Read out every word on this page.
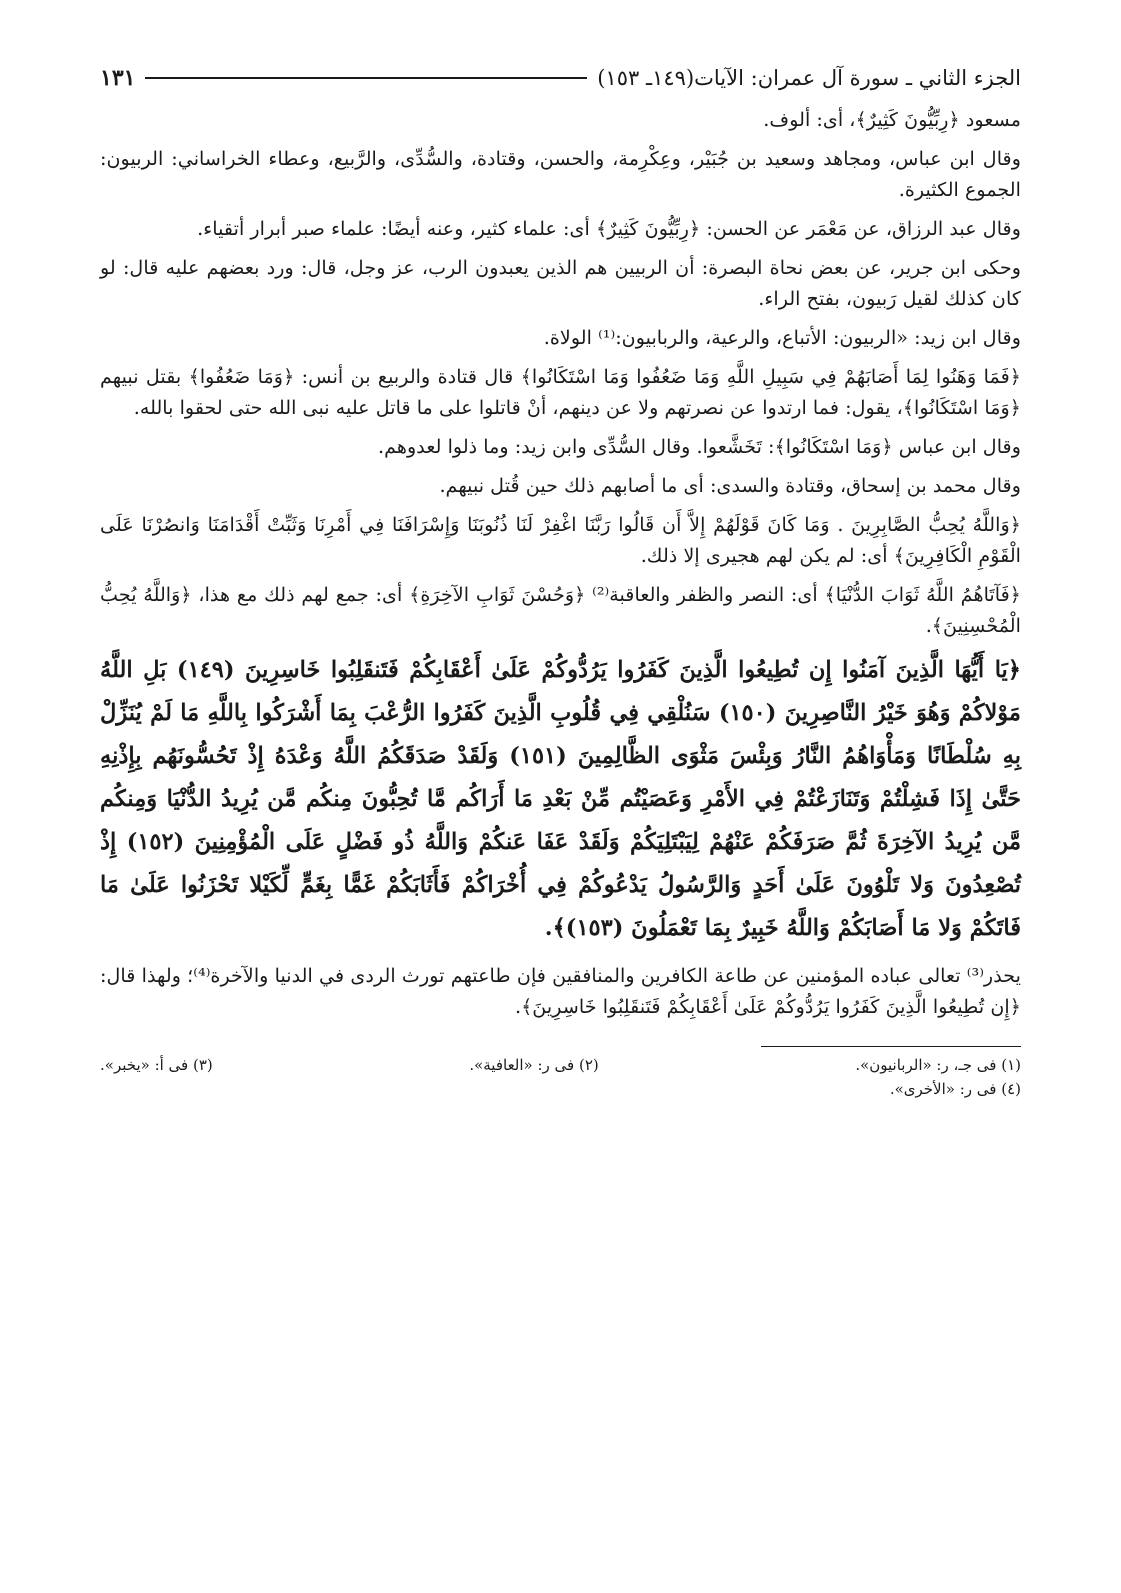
الجزء الثاني ـ سورة آل عمران: الآيات(١٤٩ـ ١٥٣)
١٣١

مسعود ﴿رِبِّيُّونَ كَثِيرٌ﴾، أى: ألوف.

وقال ابن عباس، ومجاهد وسعيد بن جُبَيْر، وعِكْرِمة، والحسن، وقتادة، والسُّدِّى، والرَّبيع، وعطاء الخراساني: الربيون: الجموع الكثيرة.

وقال عبد الرزاق، عن مَعْمَر عن الحسن: ﴿رِبِّيُّونَ كَثِيرٌ﴾ أى: علماء كثير، وعنه أيضًا: علماء صبر أبرار أتقياء.

وحكى ابن جرير، عن بعض نحاة البصرة: أن الربيين هم الذين يعبدون الرب، عز وجل، قال: ورد بعضهم عليه قال: لو كان كذلك لقيل رَبيون، بفتح الراء.

وقال ابن زيد: «الربيون: الأتباع، والرعية، والربابيون:⁽¹⁾ الولاة.

﴿فَمَا وَهَنُوا لِمَا أَصَابَهُمْ فِي سَبِيلِ اللَّهِ وَمَا ضَعُفُوا وَمَا اسْتَكَانُوا﴾ قال قتادة والربيع بن أنس: ﴿وَمَا ضَعُفُوا﴾ بقتل نبيهم ﴿وَمَا اسْتَكَانُوا﴾، يقول: فما ارتدوا عن نصرتهم ولا عن دينهم، أنْ قاتلوا على ما قاتل عليه نبى الله حتى لحقوا بالله.

وقال ابن عباس ﴿وَمَا اسْتَكَانُوا﴾: تَخَشَّعوا. وقال السُّدِّى وابن زيد: وما ذلوا لعدوهم.

وقال محمد بن إسحاق، وقتادة والسدى: أى ما أصابهم ذلك حين قُتل نبيهم.

﴿وَاللَّهُ يُحِبُّ الصَّابِرِينَ . وَمَا كَانَ قَوْلَهُمْ إِلاَّ أَن قَالُوا رَبَّنَا اغْفِرْ لَنَا ذُنُوبَنَا وَإِسْرَافَنَا فِي أَمْرِنَا وَثَبِّتْ أَقْدَامَنَا وَانصُرْنَا عَلَى الْقَوْمِ الْكَافِرِينَ﴾ أى: لم يكن لهم هجيرى إلا ذلك.

﴿فَآتَاهُمُ اللَّهُ ثَوَابَ الدُّنْيَا﴾ أى: النصر والظفر والعاقبة⁽²⁾ ﴿وَحُسْنَ ثَوَابِ الآخِرَةِ﴾ أى: جمع لهم ذلك مع هذا، ﴿وَاللَّهُ يُحِبُّ الْمُحْسِنِينَ﴾.

﴿يَا أَيُّهَا الَّذِينَ آمَنُوا إِن تُطِيعُوا الَّذِينَ كَفَرُوا يَرُدُّوكُمْ عَلَىٰ أَعْقَابِكُمْ فَتَنقَلِبُوا خَاسِرِينَ (١٤٩) بَلِ اللَّهُ مَوْلاكُمْ وَهُوَ خَيْرُ النَّاصِرِينَ (١٥٠) سَنُلْقِي فِي قُلُوبِ الَّذِينَ كَفَرُوا الرُّعْبَ بِمَا أَشْرَكُوا بِاللَّهِ مَا لَمْ يُنَزِّلْ بِهِ سُلْطَانًا وَمَأْوَاهُمُ النَّارُ وَبِئْسَ مَثْوَى الظَّالِمِينَ (١٥١) وَلَقَدْ صَدَقَكُمُ اللَّهُ وَعْدَهُ إِذْ تَحُسُّونَهُم بِإِذْنِهِ حَتَّىٰ إِذَا فَشِلْتُمْ وَتَنَازَعْتُمْ فِي الأَمْرِ وَعَصَيْتُم مِّنْ بَعْدِ مَا أَرَاكُم مَّا تُحِبُّونَ مِنكُم مَّن يُرِيدُ الدُّنْيَا وَمِنكُم مَّن يُرِيدُ الآخِرَةَ ثُمَّ صَرَفَكُمْ عَنْهُمْ لِيَبْتَلِيَكُمْ وَلَقَدْ عَفَا عَنكُمْ وَاللَّهُ ذُو فَضْلٍ عَلَى الْمُؤْمِنِينَ (١٥٢) إِذْ تُصْعِدُونَ وَلا تَلْوُونَ عَلَىٰ أَحَدٍ وَالرَّسُولُ يَدْعُوكُمْ فِي أُخْرَاكُمْ فَأَثَابَكُمْ غَمًّا بِغَمٍّ لِّكَيْلا تَحْزَنُوا عَلَىٰ مَا فَاتَكُمْ وَلا مَا أَصَابَكُمْ وَاللَّهُ خَبِيرٌ بِمَا تَعْمَلُونَ (١٥٣)﴾.

يحذر⁽³⁾ تعالى عباده المؤمنين عن طاعة الكافرين والمنافقين فإن طاعتهم تورث الردى في الدنيا والآخرة⁽⁴⁾؛ ولهذا قال: ﴿إِن تُطِيعُوا الَّذِينَ كَفَرُوا يَرُدُّوكُمْ عَلَىٰ أَعْقَابِكُمْ فَتَنقَلِبُوا خَاسِرِينَ﴾.

(١) فى جـ، ر: «الربانيون».
(٢) فى ر: «العافية».
(٣) فى أ: «يخبر».
(٤) فى ر: «الأخرى».
